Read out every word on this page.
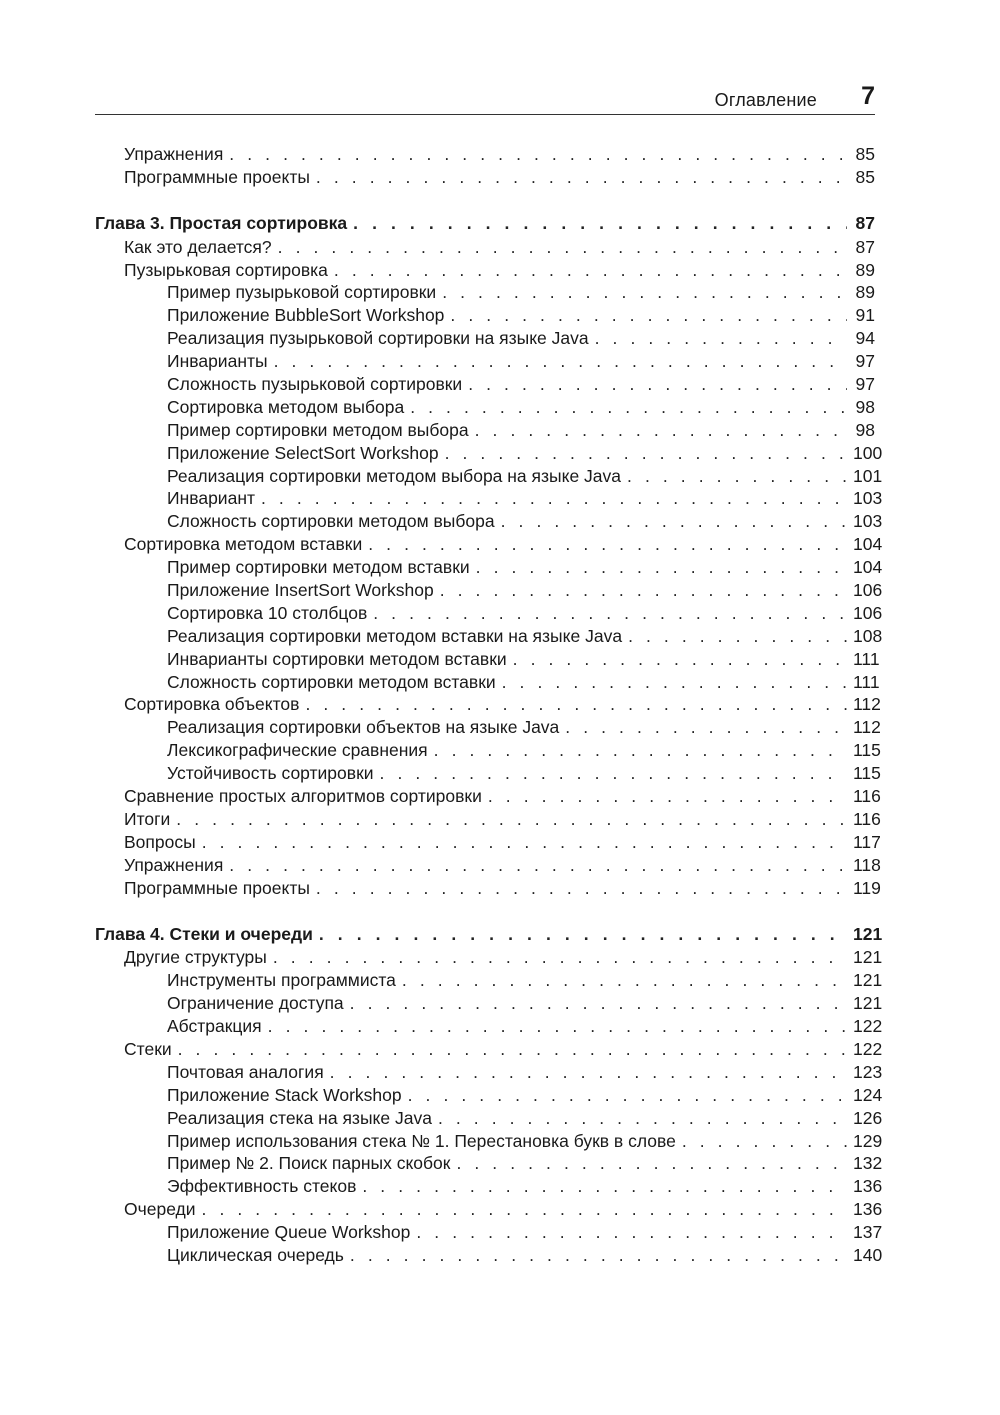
Оглавление 7
Упражнения . . .	85
Программные проекты . . .	85
Глава 3. Простая сортировка . . .	87
Как это делается? . . .	87
Пузырьковая сортировка . . .	89
Пример пузырьковой сортировки . . .	89
Приложение BubbleSort Workshop . . .	91
Реализация пузырьковой сортировки на языке Java . . .	94
Инварианты . . .	97
Сложность пузырьковой сортировки . . .	97
Сортировка методом выбора . . .	98
Пример сортировки методом выбора . . .	98
Приложение SelectSort Workshop . . .	100
Реализация сортировки методом выбора на языке Java . . .	101
Инвариант . . .	103
Сложность сортировки методом выбора . . .	103
Сортировка методом вставки . . .	104
Пример сортировки методом вставки . . .	104
Приложение InsertSort Workshop . . .	106
Сортировка 10 столбцов . . .	106
Реализация сортировки методом вставки на языке Java . . .	108
Инварианты сортировки методом вставки . . .	111
Сложность сортировки методом вставки . . .	111
Сортировка объектов . . .	112
Реализация сортировки объектов на языке Java . . .	112
Лексикографические сравнения . . .	115
Устойчивость сортировки . . .	115
Сравнение простых алгоритмов сортировки . . .	116
Итоги . . .	116
Вопросы . . .	117
Упражнения . . .	118
Программные проекты . . .	119
Глава 4. Стеки и очереди . . .	121
Другие структуры . . .	121
Инструменты программиста . . .	121
Ограничение доступа . . .	121
Абстракция . . .	122
Стеки . . .	122
Почтовая аналогия . . .	123
Приложение Stack Workshop . . .	124
Реализация стека на языке Java . . .	126
Пример использования стека № 1. Перестановка букв в слове . . .	129
Пример № 2. Поиск парных скобок . . .	132
Эффективность стеков . . .	136
Очереди . . .	136
Приложение Queue Workshop . . .	137
Циклическая очередь . . .	140
